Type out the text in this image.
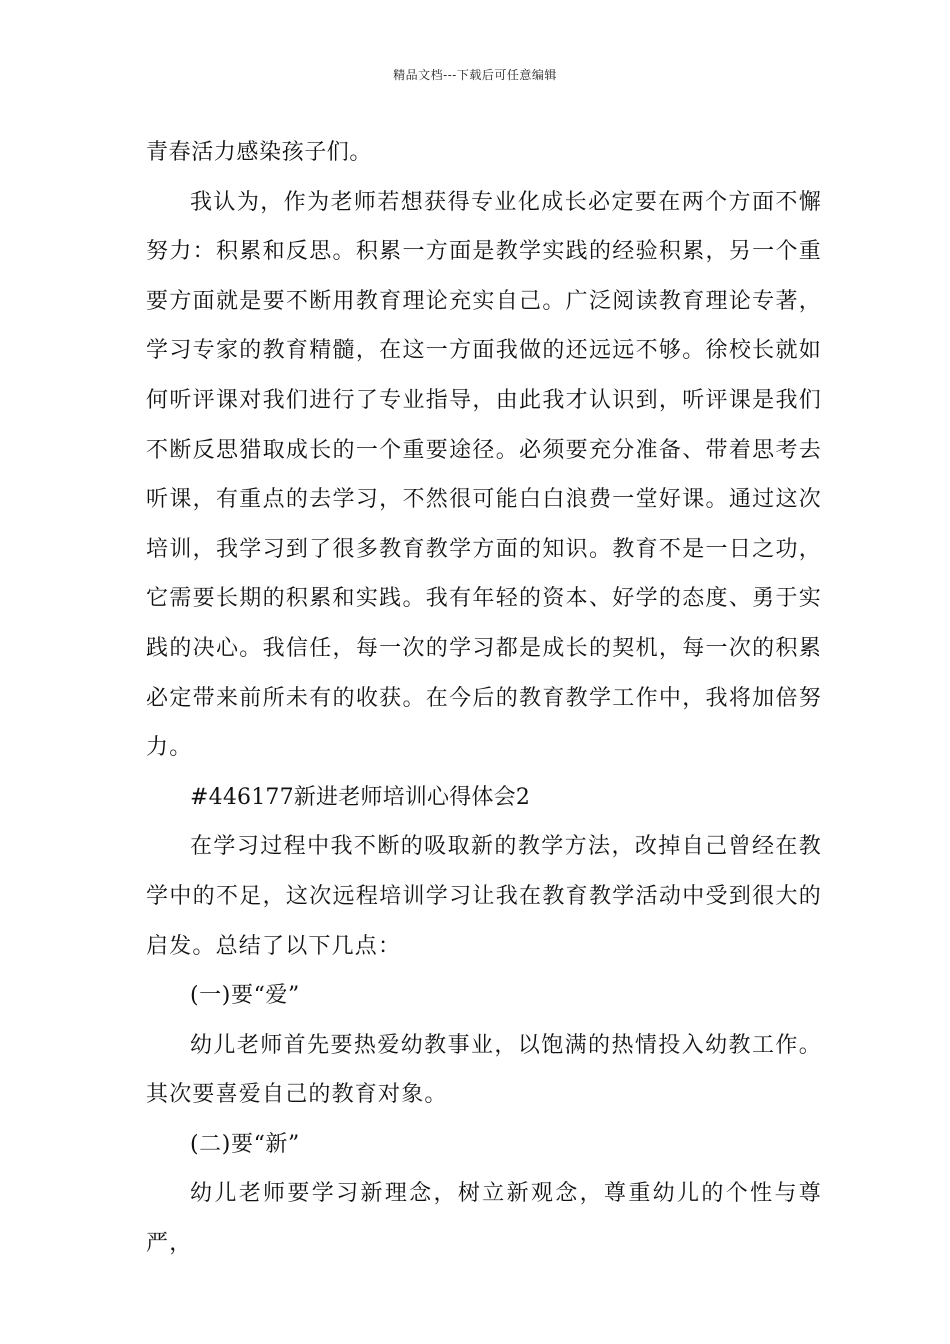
精品文档---下载后可任意编辑

青春活力感染孩子们。

我认为，作为老师若想获得专业化成长必定要在两个方面不懈努力：积累和反思。积累一方面是教学实践的经验积累，另一个重要方面就是要不断用教育理论充实自己。广泛阅读教育理论专著，学习专家的教育精髓，在这一方面我做的还远远不够。徐校长就如何听评课对我们进行了专业指导，由此我才认识到，听评课是我们不断反思猎取成长的一个重要途径。必须要充分准备、带着思考去听课，有重点的去学习，不然很可能白白浪费一堂好课。通过这次培训，我学习到了很多教育教学方面的知识。教育不是一日之功，它需要长期的积累和实践。我有年轻的资本、好学的态度、勇于实践的决心。我信任，每一次的学习都是成长的契机，每一次的积累必定带来前所未有的收获。在今后的教育教学工作中，我将加倍努力。

#446177新进老师培训心得体会2

在学习过程中我不断的吸取新的教学方法，改掉自己曾经在教学中的不足，这次远程培训学习让我在教育教学活动中受到很大的启发。总结了以下几点：

(一)要“爱”

幼儿老师首先要热爱幼教事业，以饱满的热情投入幼教工作。其次要喜爱自己的教育对象。

(二)要“新”

幼儿老师要学习新理念，树立新观念，尊重幼儿的个性与尊严，
